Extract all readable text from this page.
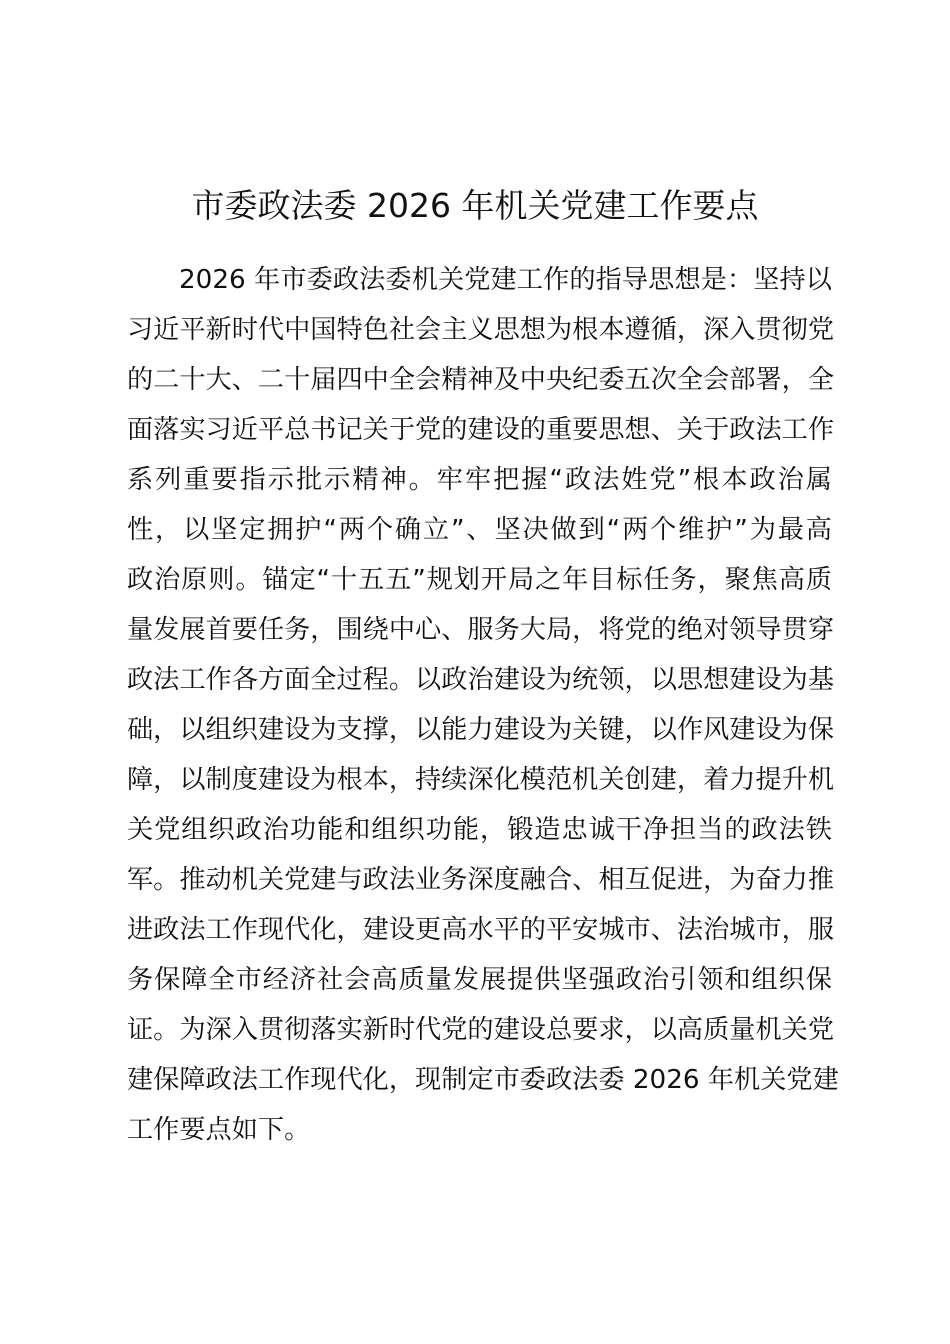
市委政法委 2026 年机关党建工作要点
2026 年市委政法委机关党建工作的指导思想是：坚持以
习近平新时代中国特色社会主义思想为根本遵循，深入贯彻党
的二十大、二十届四中全会精神及中央纪委五次全会部署，全
面落实习近平总书记关于党的建设的重要思想、关于政法工作
系列重要指示批示精神。牢牢把握“政法姓党”根本政治属
性，以坚定拥护“两个确立”、坚决做到“两个维护”为最高
政治原则。锚定“十五五”规划开局之年目标任务，聚焦高质
量发展首要任务，围绕中心、服务大局，将党的绝对领导贯穿
政法工作各方面全过程。以政治建设为统领，以思想建设为基
础，以组织建设为支撑，以能力建设为关键，以作风建设为保
障，以制度建设为根本，持续深化模范机关创建，着力提升机
关党组织政治功能和组织功能，锻造忠诚干净担当的政法铁
军。推动机关党建与政法业务深度融合、相互促进，为奋力推
进政法工作现代化，建设更高水平的平安城市、法治城市，服
务保障全市经济社会高质量发展提供坚强政治引领和组织保
证。为深入贯彻落实新时代党的建设总要求，以高质量机关党
建保障政法工作现代化，现制定市委政法委 2026 年机关党建
工作要点如下。
